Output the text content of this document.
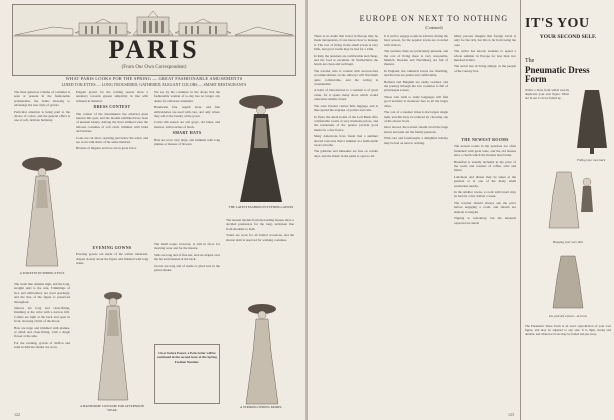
PARIS
(From Our Own Correspondent)
WHAT PARIS LOOKS FOR THE SPRING — GREAT FASHIONABLE AMUSEMENTS
LINED TOILETTES — LONG TROUSERED, GATHERED, ELEGANT COLORS — SMART RESTAURANTS

The most generous volume of costumes is seen at present in the fashionable promenades, the ladies showing to advantage the new style of gowns.

Particular attention is being paid to the choice of colors, and the general effect is one of soft, delicate harmony.

A TOILETTE IN SPRING STYLE

The waist line remains high, and the long, straight skirt is the rule. Trimmings of lace and embroidery are used sparingly, and the line of the figure is preserved throughout.

Sleeves are long and close-fitting, finishing at the wrist with a narrow frill. Collars are high at the back and open in front, showing a little of the throat.

Hats are large and trimmed with plumes, or small and close-fitting, with a single flower at the side.

For the evening, gowns of chiffon and satin in delicate shades are worn.

Elegant gowns for the coming season show a tendency towards greater simplicity in line with richness in material.

DRESS CONTEST

The contest of the dressmakers has attracted great interest this year, and the models exhibited have been of unusual beauty. Among the most admired were the tailored costumes of soft cloth, trimmed with braid and buttons.

Coats are cut short, reaching just below the waist, and are worn with skirts of the same material.

Blouses of lingerie and lace are in great favor.

EVENING GOWNS

Evening gowns are made of the softest materials, draped closely about the figure and finished with long trains.

A HANDSOME COSTUME FOR AFTERNOON WEAR

We see by the costumes in the shops that the fashionable woman of to-day has no longer any desire for elaborate ornament.

Handsome furs, superb laces, and fine embroideries are used with care, and only where they add to the beauty of the gown.

Colors this season are soft grays, old blues, and mauves, with touches of black.

SMART HATS

Hats are worn very large, and trimmed with long plumes or masses of flowers.

The small toque, however, is still in favor for morning wear and for the theatre.

Veils are long and of fine net, and are draped over the hat and fastened at the back.

Gloves are long and of suède or glacé kid, in the palest shades.

On or before Easter, a Paris letter will be continued in the second issue of the Spring Fashion Number.

THE LATEST FASHION IN EVENING GOWNS

The newest models from the leading houses show a decided preference for the long, unbroken line from shoulder to hem.

Trains are worn for all formal occasions, and the shorter skirt is reserved for walking costumes.

A STRIKING SPRING MODEL
122
EUROPE ON NEXT TO NOTHING
(Continued)

There is no doubt that travel in Europe may be made inexpensive, if one knows how to manage it. The cost of living in the small towns is very little, and good rooms may be had for a trifle.

In Italy, the pensions are comfortable and cheap, and the food is excellent. In Switzerland, the hotels are clean and well kept.

The traveler who is content with second-class accommodations on the railways will find them quite comfortable, and the saving is considerable.

A letter of introduction to a resident is of great value, for it opens many doors which would otherwise remain closed.

The wise traveler carries little luggage, and is thus spared the expense of porters and cabs.

In Paris, the small hotels of the Left Bank offer comfortable rooms at very moderate prices, and the restaurants of the quarter provide good meals for a few francs.

Many Americans have found that a summer abroad costs less than a summer at a fashionable resort at home.

The galleries and museums are free on certain days, and the music in the parks is open to all.

It is well to engage rooms in advance during the busy season, for the popular towns are crowded with visitors.

The German cities are particularly pleasant, and the cost of living there is very reasonable. Munich, Dresden and Nuremberg are full of interest.

In England, the cathedral towns are charming, and the inns are quaint and comfortable.

Holland and Belgium are easily reached, and the journey through the low countries is full of picturesque scenes.

Those who wish to study languages will find good teachers at moderate fees in all the larger cities.

The cost of a steamer ticket is the largest single item, and this may be reduced by choosing one of the slower boats.

Once abroad, the traveler should avoid the large hotels and seek out the family pensions.

With care and forethought, a delightful holiday may be had on next to nothing.

Many persons imagine that foreign travel is only for the rich, but this is far from being the case.

The writer has known students to spend a whole summer in Europe for less than two hundred dollars.

The secret lies in living simply, as the people of the country live.

THE NEWEST ROOMS

The newest rooms in the pensions are often furnished with great taste, and the old houses have a charm which the modern hotel lacks.

Breakfast is usually included in the price of the room, and consists of coffee, rolls and butter.

Luncheon and dinner may be taken at the pension or at one of the many small restaurants nearby.

In the smaller towns, a room with board may be had for a few dollars a week.

The traveler should always ask the price before engaging a room, and should not hesitate to bargain.

Tipping is customary, but the amounts expected are small.

IT'S YOU
YOUR SECOND SELF.
The
Pneumatic Dress Form
Writes a dress form which exactly duplicates your own figure. When not in use it can be folded up.
Fitting your own back
Hanging your own skirt
Do yourself a favor—act now

The Pneumatic Dress Form is an exact reproduction of your own figure, and may be adjusted to any size. It is light, strong and durable, and when not in use may be folded and put away.

123
